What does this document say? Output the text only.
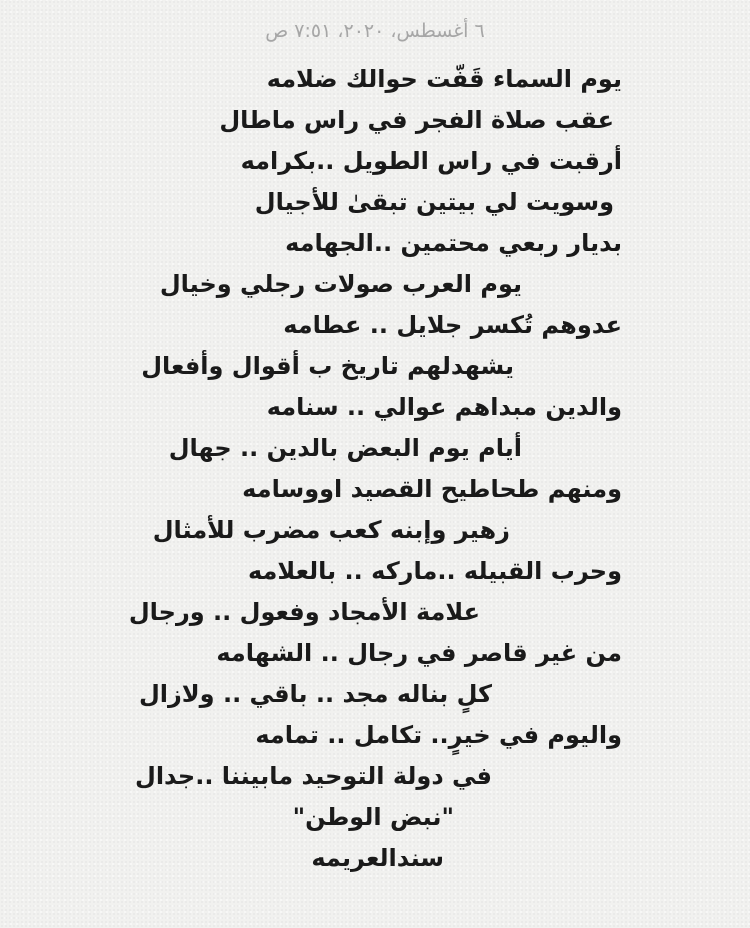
٦ أغسطس، ٢٠٢٠، ٧:٥١ ص
يوم السماء قَفّت حوالك ضلامه
عقب صلاة الفجر في راس ماطال
أرقبت في راس الطويل ..بكرامه
وسويت لي بيتين تبقىٰ للأجيال
بديار ربعي محتمين ..الجهامه
يوم العرب صولات رجلي وخيال
عدوهم تُكسر جلايل .. عطامه
يشهدلهم تاريخ ب أقوال وأفعال
والدين مبداهم عوالي .. سنامه
أيام يوم البعض بالدين .. جهال
ومنهم طحاطيح القصيد اووسامه
زهير وإبنه كعب مضرب للأمثال
وحرب القبيله ..ماركه .. بالعلامه
علامة الأمجاد وفعول .. ورجال
من غير قاصر في رجال .. الشهامه
كلٍ بناله مجد .. باقي .. ولازال
واليوم في خيرٍ.. تكامل .. تمامه
في دولة التوحيد مابيننا ..جدال
"نبض الوطن"
سندالعريمه
